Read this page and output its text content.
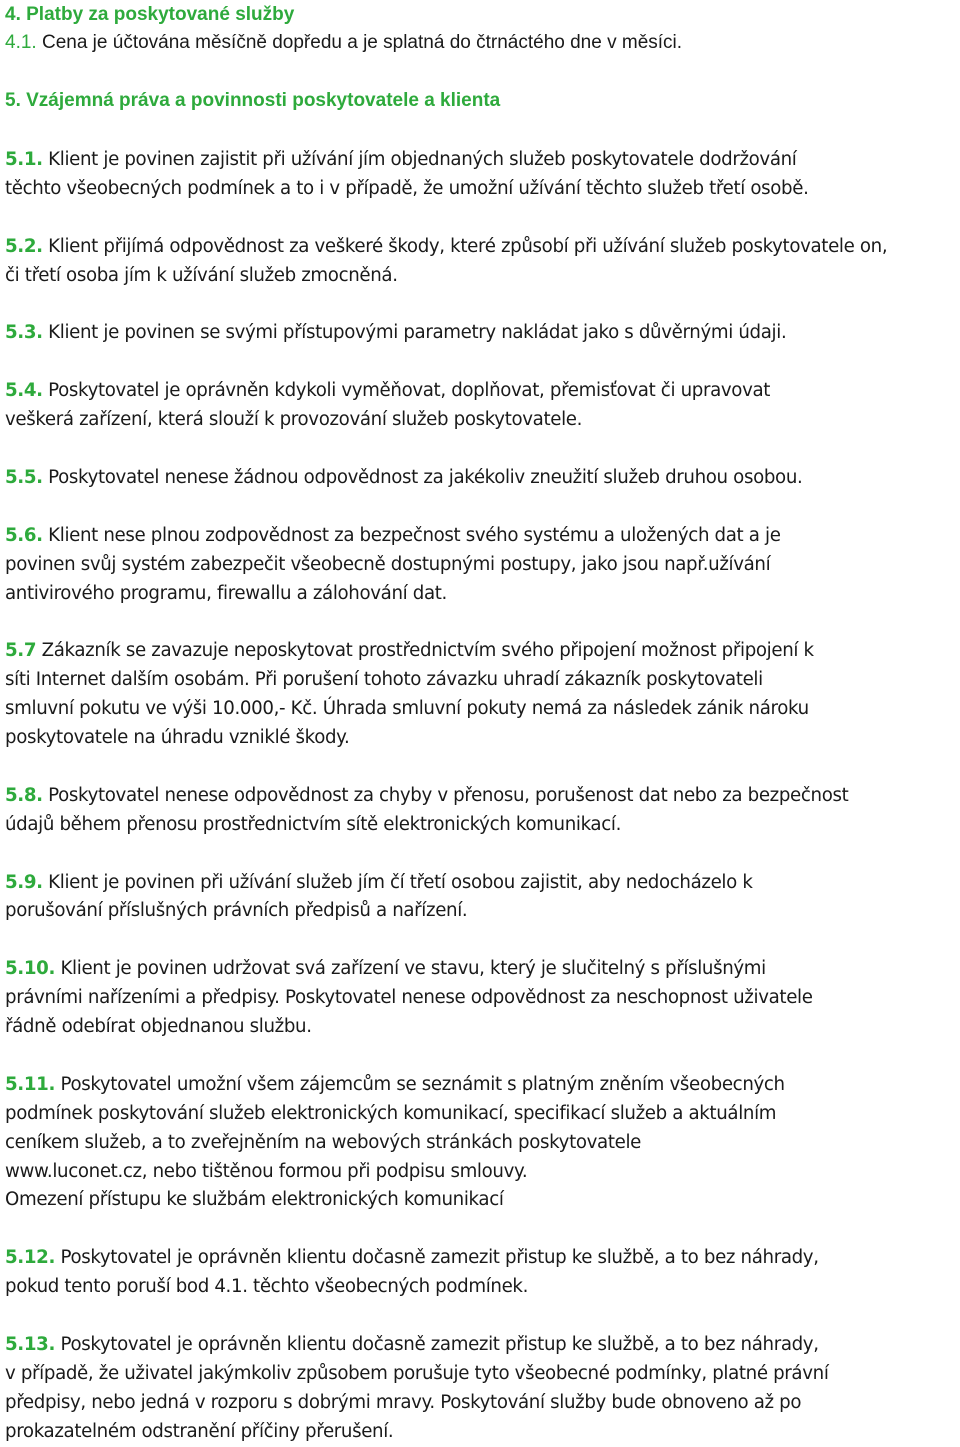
4. Platby za poskytované služby

4.1. Cena je účtována měsíčně dopředu a je splatná do čtrnáctého dne v měsíci.

5. Vzájemná práva a povinnosti poskytovatele a klienta

5.1. Klient je povinen zajistit při užívání jím objednaných služeb poskytovatele dodržování
těchto všeobecných podmínek a to i v případě, že umožní užívání těchto služeb třetí osobě.

5.2. Klient přijímá odpovědnost za veškeré škody, které způsobí při užívání služeb poskytovatele on,
či třetí osoba jím k užívání služeb zmocněná.

5.3. Klient je povinen se svými přístupovými parametry nakládat jako s důvěrnými údaji.

5.4. Poskytovatel je oprávněn kdykoli vyměňovat, doplňovat, přemisťovat či upravovat
veškerá zařízení, která slouží k provozování služeb poskytovatele.

5.5. Poskytovatel nenese žádnou odpovědnost za jakékoliv zneužití služeb druhou osobou.

5.6. Klient nese plnou zodpovědnost za bezpečnost svého systému a uložených dat a je
povinen svůj systém zabezpečit všeobecně dostupnými postupy, jako jsou např.užívání
antivirového programu, firewallu a zálohování dat.

5.7 Zákazník se zavazuje neposkytovat prostřednictvím svého připojení možnost připojení k
síti Internet dalším osobám. Při porušení tohoto závazku uhradí zákazník poskytovateli
smluvní pokutu ve výši 10.000,- Kč. Úhrada smluvní pokuty nemá za následek zánik nároku
poskytovatele na úhradu vzniklé škody.

5.8. Poskytovatel nenese odpovědnost za chyby v přenosu, porušenost dat nebo za bezpečnost
údajů během přenosu prostřednictvím sítě elektronických komunikací.

5.9. Klient je povinen při užívání služeb jím čí třetí osobou zajistit, aby nedocházelo k
porušování příslušných právních předpisů a nařízení.

5.10. Klient je povinen udržovat svá zařízení ve stavu, který je slučitelný s příslušnými
právními nařízeními a předpisy. Poskytovatel nenese odpovědnost za neschopnost uživatele
řádně odebírat objednanou službu.

5.11. Poskytovatel umožní všem zájemcům se seznámit s platným zněním všeobecných
podmínek poskytování služeb elektronických komunikací, specifikací služeb a aktuálním
ceníkem služeb, a to zveřejněním na webových stránkách poskytovatele
www.luconet.cz, nebo tištěnou formou při podpisu smlouvy.
Omezení přístupu ke službám elektronických komunikací

5.12. Poskytovatel je oprávněn klientu dočasně zamezit přistup ke službě, a to bez náhrady,
pokud tento poruší bod 4.1. těchto všeobecných podmínek.

5.13. Poskytovatel je oprávněn klientu dočasně zamezit přistup ke službě, a to bez náhrady,
v případě, že uživatel jakýmkoliv způsobem porušuje tyto všeobecné podmínky, platné právní
předpisy, nebo jedná v rozporu s dobrými mravy. Poskytování služby bude obnoveno až po
prokazatelném odstranění příčiny přerušení.
